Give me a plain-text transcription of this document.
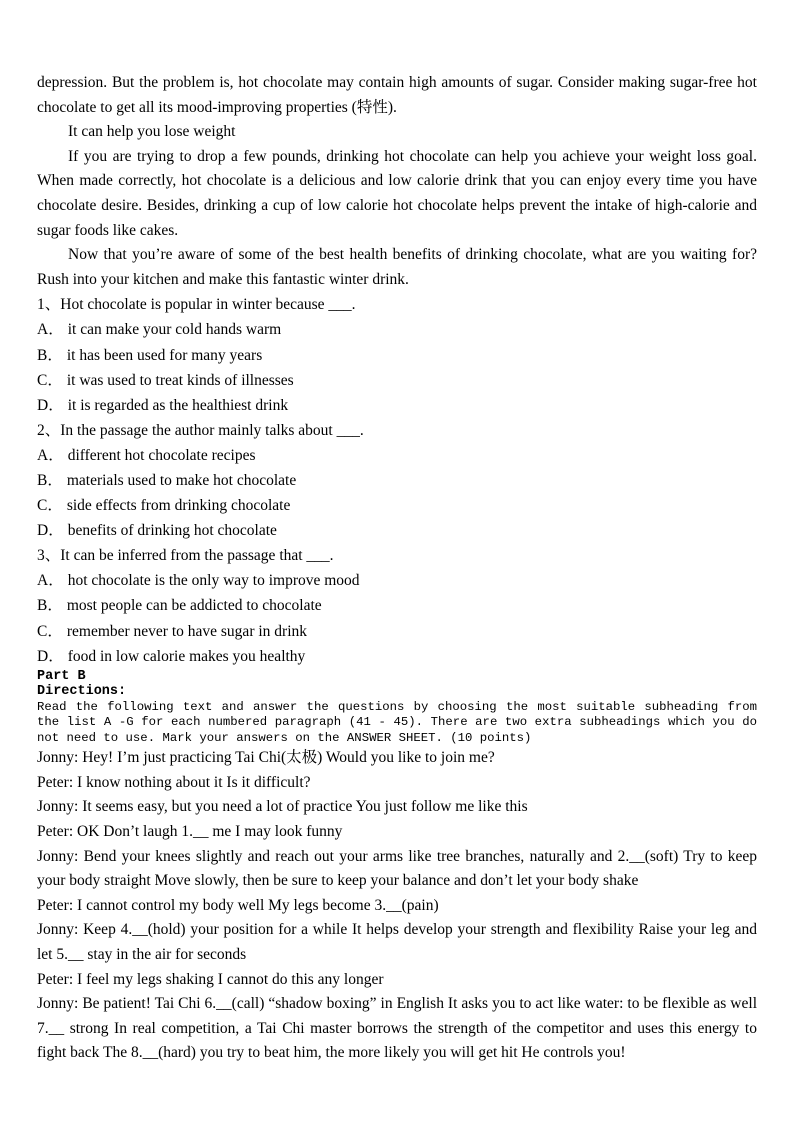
depression. But the problem is, hot chocolate may contain high amounts of sugar. Consider making sugar-free hot chocolate to get all its mood-improving properties (特性).

It can help you lose weight

If you are trying to drop a few pounds, drinking hot chocolate can help you achieve your weight loss goal. When made correctly, hot chocolate is a delicious and low calorie drink that you can enjoy every time you have chocolate desire. Besides, drinking a cup of low calorie hot chocolate helps prevent the intake of high-calorie and sugar foods like cakes.

Now that you’re aware of some of the best health benefits of drinking chocolate, what are you waiting for? Rush into your kitchen and make this fantastic winter drink.

1、Hot chocolate is popular in winter because ___.

A． it can make your cold hands warm

B． it has been used for many years

C． it was used to treat kinds of illnesses

D． it is regarded as the healthiest drink

2、In the passage the author mainly talks about ___.

A． different hot chocolate recipes

B． materials used to make hot chocolate

C． side effects from drinking chocolate

D． benefits of drinking hot chocolate

3、It can be inferred from the passage that ___.

A． hot chocolate is the only way to improve mood

B． most people can be addicted to chocolate

C． remember never to have sugar in drink

D． food in low calorie makes you healthy

Part B

Directions:

Read the following text and answer the questions by choosing the most suitable subheading from the list A -G for each numbered paragraph (41 - 45). There are two extra subheadings which you do not need to use. Mark your answers on the ANSWER SHEET. (10 points)

Jonny: Hey! I’m just practicing Tai Chi(太极) Would you like to join me?

Peter: I know nothing about it Is it difficult?

Jonny: It seems easy, but you need a lot of practice You just follow me like this

Peter: OK Don’t laugh 1.__ me I may look funny

Jonny: Bend your knees slightly and reach out your arms like tree branches, naturally and 2.__(soft) Try to keep your body straight Move slowly, then be sure to keep your balance and don’t let your body shake

Peter: I cannot control my body well My legs become 3.__(pain)

Jonny: Keep 4.__(hold) your position for a while It helps develop your strength and flexibility Raise your leg and let 5.__ stay in the air for seconds

Peter: I feel my legs shaking I cannot do this any longer

Jonny: Be patient! Tai Chi 6.__(call) “shadow boxing” in English It asks you to act like water: to be flexible as well 7.__ strong In real competition, a Tai Chi master borrows the strength of the competitor and uses this energy to fight back The 8.__(hard) you try to beat him, the more likely you will get hit He controls you!
